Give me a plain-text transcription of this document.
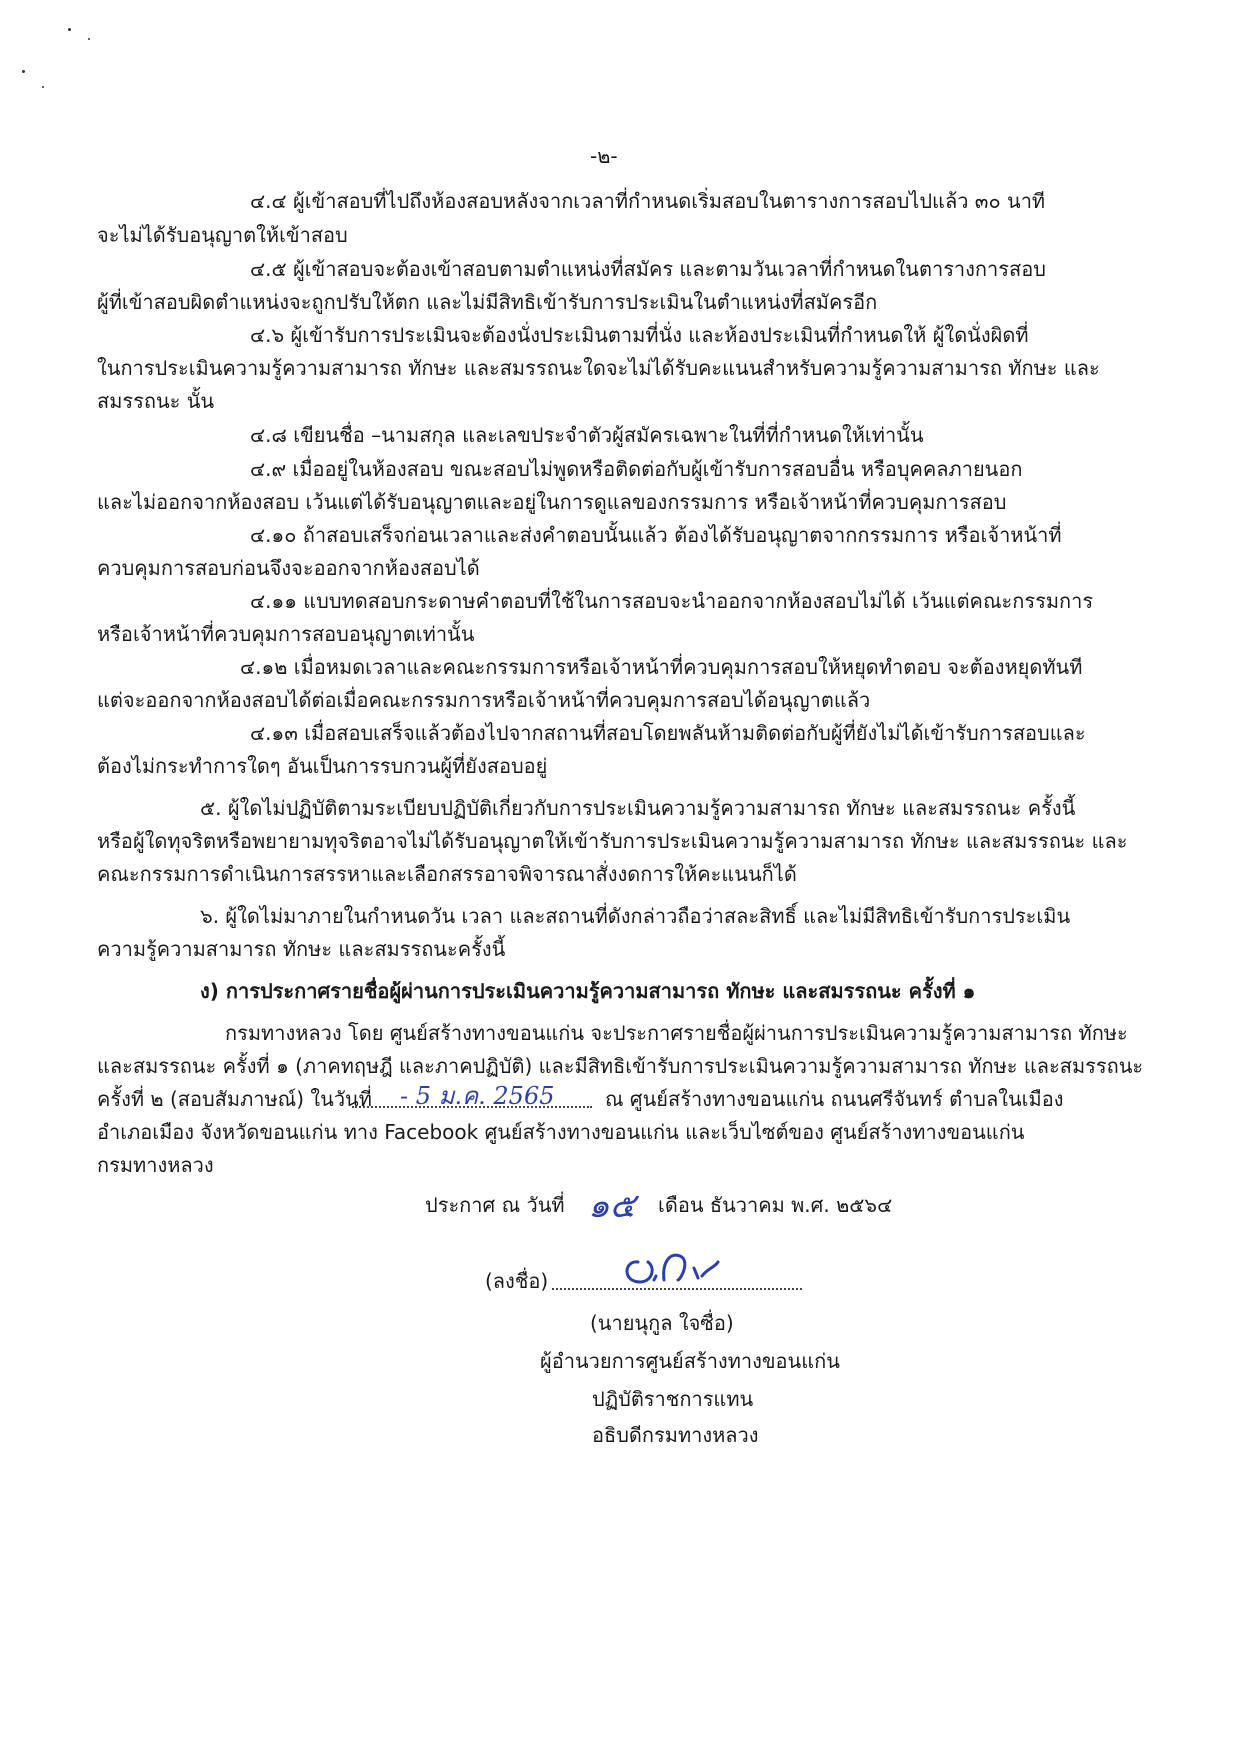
-๒-
๔.๔ ผู้เข้าสอบที่ไปถึงห้องสอบหลังจากเวลาที่กำหนดเริ่มสอบในตารางการสอบไปแล้ว ๓๐ นาที
จะไม่ได้รับอนุญาตให้เข้าสอบ
๔.๕ ผู้เข้าสอบจะต้องเข้าสอบตามตำแหน่งที่สมัคร และตามวันเวลาที่กำหนดในตารางการสอบ
ผู้ที่เข้าสอบผิดตำแหน่งจะถูกปรับให้ตก และไม่มีสิทธิเข้ารับการประเมินในตำแหน่งที่สมัครอีก
๔.๖ ผู้เข้ารับการประเมินจะต้องนั่งประเมินตามที่นั่ง และห้องประเมินที่กำหนดให้ ผู้ใดนั่งผิดที่
ในการประเมินความรู้ความสามารถ ทักษะ และสมรรถนะใดจะไม่ได้รับคะแนนสำหรับความรู้ความสามารถ ทักษะ และ
สมรรถนะ นั้น
๔.๘ เขียนชื่อ –นามสกุล และเลขประจำตัวผู้สมัครเฉพาะในที่ที่กำหนดให้เท่านั้น
๔.๙ เมื่ออยู่ในห้องสอบ ขณะสอบไม่พูดหรือติดต่อกับผู้เข้ารับการสอบอื่น หรือบุคคลภายนอก
และไม่ออกจากห้องสอบ เว้นแต่ได้รับอนุญาตและอยู่ในการดูแลของกรรมการ หรือเจ้าหน้าที่ควบคุมการสอบ
๔.๑๐ ถ้าสอบเสร็จก่อนเวลาและส่งคำตอบนั้นแล้ว ต้องได้รับอนุญาตจากกรรมการ หรือเจ้าหน้าที่
ควบคุมการสอบก่อนจึงจะออกจากห้องสอบได้
๔.๑๑ แบบทดสอบกระดาษคำตอบที่ใช้ในการสอบจะนำออกจากห้องสอบไม่ได้ เว้นแต่คณะกรรมการ
หรือเจ้าหน้าที่ควบคุมการสอบอนุญาตเท่านั้น
๔.๑๒ เมื่อหมดเวลาและคณะกรรมการหรือเจ้าหน้าที่ควบคุมการสอบให้หยุดทำตอบ จะต้องหยุดทันที
แต่จะออกจากห้องสอบได้ต่อเมื่อคณะกรรมการหรือเจ้าหน้าที่ควบคุมการสอบได้อนุญาตแล้ว
๔.๑๓ เมื่อสอบเสร็จแล้วต้องไปจากสถานที่สอบโดยพลันห้ามติดต่อกับผู้ที่ยังไม่ได้เข้ารับการสอบและ
ต้องไม่กระทำการใดๆ อันเป็นการรบกวนผู้ที่ยังสอบอยู่
๕. ผู้ใดไม่ปฏิบัติตามระเบียบปฏิบัติเกี่ยวกับการประเมินความรู้ความสามารถ ทักษะ และสมรรถนะ ครั้งนี้
หรือผู้ใดทุจริตหรือพยายามทุจริตอาจไม่ได้รับอนุญาตให้เข้ารับการประเมินความรู้ความสามารถ ทักษะ และสมรรถนะ และ
คณะกรรมการดำเนินการสรรหาและเลือกสรรอาจพิจารณาสั่งงดการให้คะแนนก็ได้
๖. ผู้ใดไม่มาภายในกำหนดวัน เวลา และสถานที่ดังกล่าวถือว่าสละสิทธิ์ และไม่มีสิทธิเข้ารับการประเมิน
ความรู้ความสามารถ ทักษะ และสมรรถนะครั้งนี้
ง) การประกาศรายชื่อผู้ผ่านการประเมินความรู้ความสามารถ ทักษะ และสมรรถนะ ครั้งที่ ๑
กรมทางหลวง โดย ศูนย์สร้างทางขอนแก่น จะประกาศรายชื่อผู้ผ่านการประเมินความรู้ความสามารถ ทักษะ
และสมรรถนะ ครั้งที่ ๑ (ภาคทฤษฎี และภาคปฏิบัติ) และมีสิทธิเข้ารับการประเมินความรู้ความสามารถ ทักษะ และสมรรถนะ
ครั้งที่ ๒ (สอบสัมภาษณ์) ในวันที่ - 5 ม.ค. 2565	ณ ศูนย์สร้างทางขอนแก่น ถนนศรีจันทร์ ตำบลในเมือง
อำเภอเมือง จังหวัดขอนแก่น ทาง Facebook ศูนย์สร้างทางขอนแก่น และเว็บไซต์ของ ศูนย์สร้างทางขอนแก่น
กรมทางหลวง
ประกาศ ณ วันที่ ๑๕ เดือน ธันวาคม พ.ศ. ๒๕๖๔
(ลงชื่อ)
(นายนุกูล ใจซื่อ)
ผู้อำนวยการศูนย์สร้างทางขอนแก่น
ปฏิบัติราชการแทน
อธิบดีกรมทางหลวง
